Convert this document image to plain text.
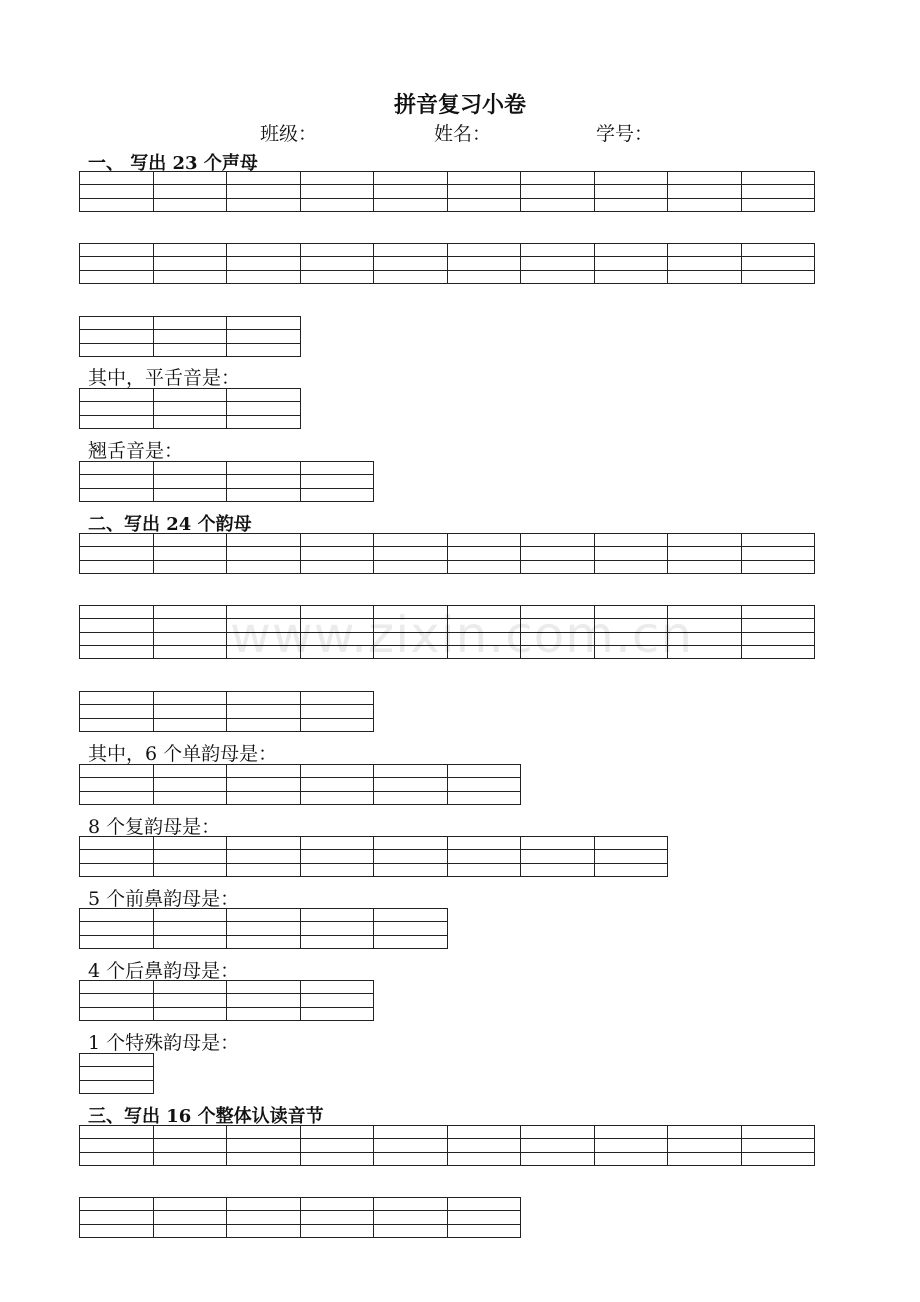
拼音复习小卷
班级：	姓名：	学号：
一、 写出 23 个声母
其中，平舌音是：
翘舌音是：
二、写出 24 个韵母
其中，6 个单韵母是：
8 个复韵母是：
5 个前鼻韵母是：
4 个后鼻韵母是：
1 个特殊韵母是：
三、写出 16 个整体认读音节
www.zixin.com.cn
